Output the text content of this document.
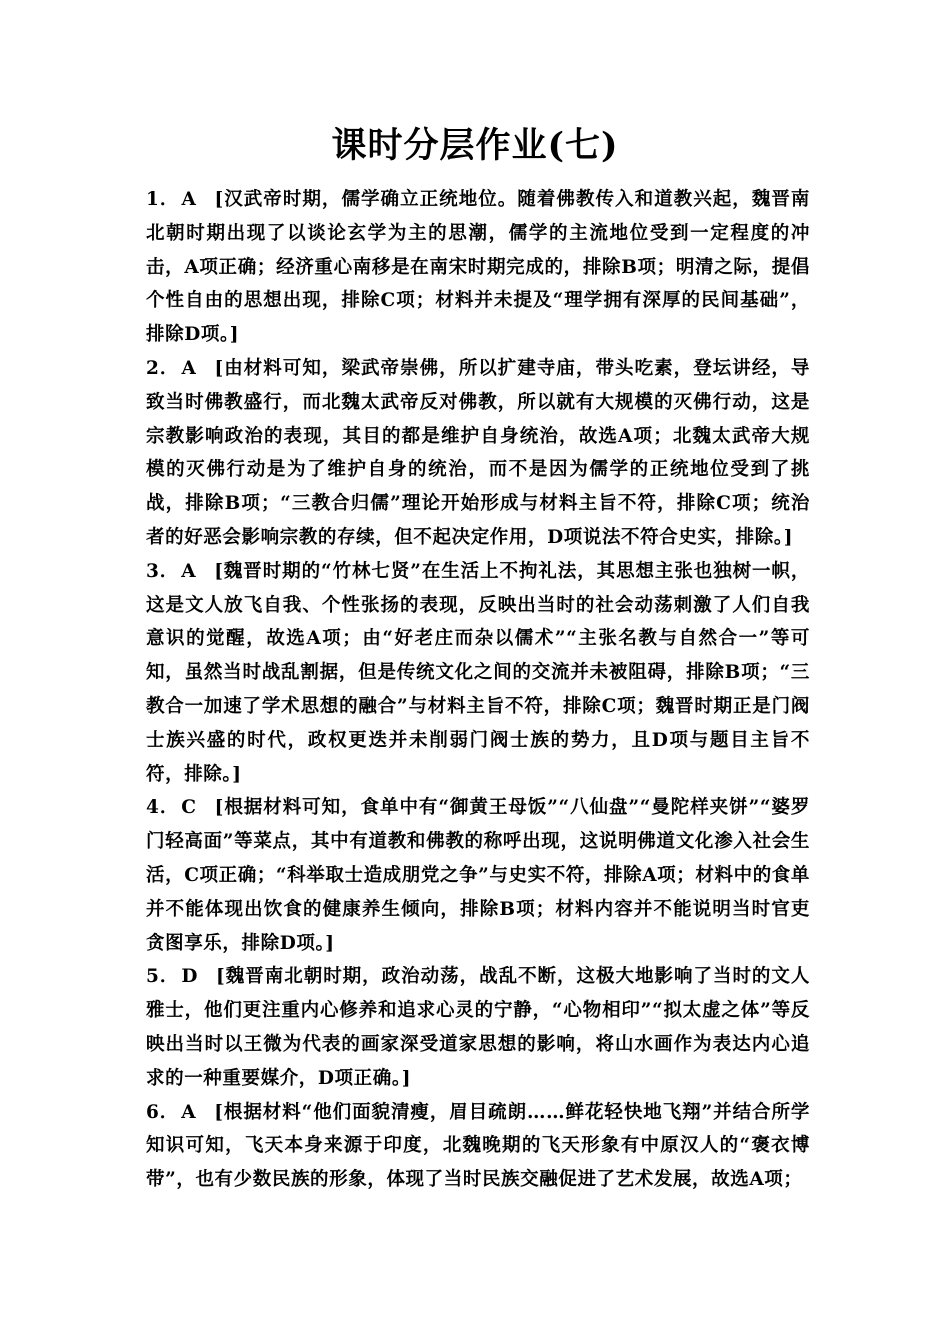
课时分层作业(七)

1． A [汉武帝时期，儒学确立正统地位。随着佛教传入和道教兴起，魏晋南北朝时期出现了以谈论玄学为主的思潮，儒学的主流地位受到一定程度的冲击，A项正确；经济重心南移是在南宋时期完成的，排除B项；明清之际，提倡个性自由的思想出现，排除C项；材料并未提及“理学拥有深厚的民间基础”，排除D项。]

2． A [由材料可知，梁武帝崇佛，所以扩建寺庙，带头吃素，登坛讲经，导致当时佛教盛行，而北魏太武帝反对佛教，所以就有大规模的灭佛行动，这是宗教影响政治的表现，其目的都是维护自身统治，故选A项；北魏太武帝大规模的灭佛行动是为了维护自身的统治，而不是因为儒学的正统地位受到了挑战，排除B项；“三教合归儒”理论开始形成与材料主旨不符，排除C项；统治者的好恶会影响宗教的存续，但不起决定作用，D项说法不符合史实，排除。]

3． A [魏晋时期的“竹林七贤”在生活上不拘礼法，其思想主张也独树一帜，这是文人放飞自我、个性张扬的表现，反映出当时的社会动荡刺激了人们自我意识的觉醒，故选A项；由“好老庄而杂以儒术”“主张名教与自然合一”等可知，虽然当时战乱割据，但是传统文化之间的交流并未被阻碍，排除B项；“三教合一加速了学术思想的融合”与材料主旨不符，排除C项；魏晋时期正是门阀士族兴盛的时代，政权更迭并未削弱门阀士族的势力，且D项与题目主旨不符，排除。]

4． C [根据材料可知，食单中有“御黄王母饭”“八仙盘”“曼陀样夹饼”“婆罗门轻高面”等菜点，其中有道教和佛教的称呼出现，这说明佛道文化渗入社会生活，C项正确；“科举取士造成朋党之争”与史实不符，排除A项；材料中的食单并不能体现出饮食的健康养生倾向，排除B项；材料内容并不能说明当时官吏贪图享乐，排除D项。]

5． D [魏晋南北朝时期，政治动荡，战乱不断，这极大地影响了当时的文人雅士，他们更注重内心修养和追求心灵的宁静，“心物相印”“拟太虚之体”等反映出当时以王微为代表的画家深受道家思想的影响，将山水画作为表达内心追求的一种重要媒介，D项正确。]

6． A [根据材料“他们面貌清瘦，眉目疏朗……鲜花轻快地飞翔”并结合所学知识可知，飞天本身来源于印度，北魏晚期的飞天形象有中原汉人的“褒衣博带”，也有少数民族的形象，体现了当时民族交融促进了艺术发展，故选A项；
